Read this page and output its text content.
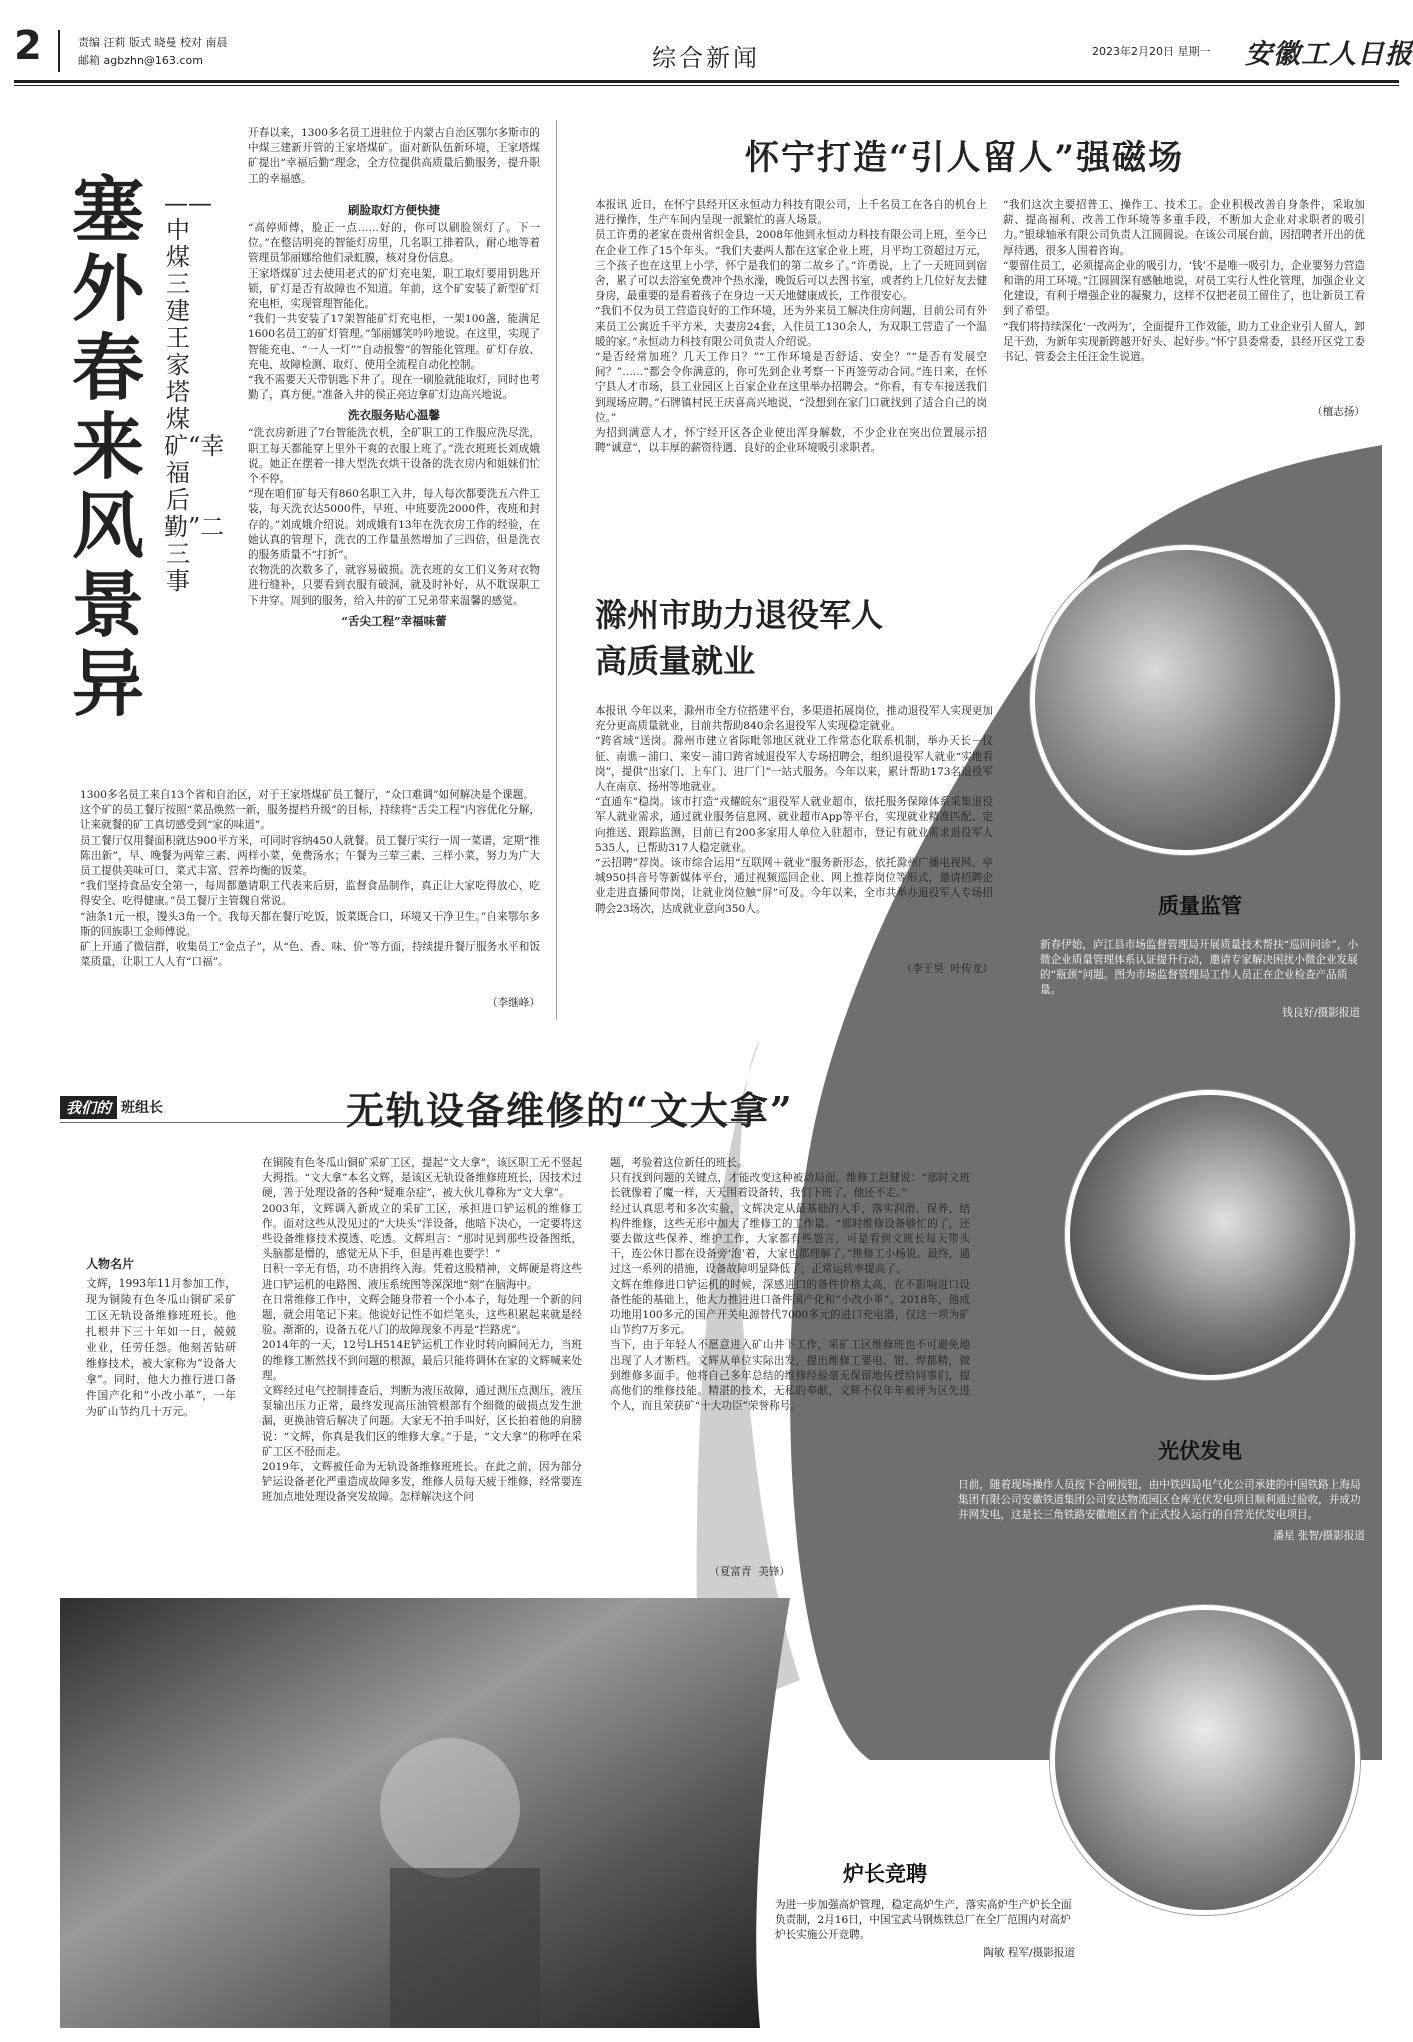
2	责编 汪莉 版式 晓曼 校对 南晨
邮箱 agbzhn@163.com	综合新闻	2023年2月20日 星期一 安徽工人日报
塞外春来风景异
——中煤三建王家塔煤矿“幸福后勤”二三事
开春以来，1300多名员工进驻位于内蒙古自治区鄂尔多斯市的中煤三建新开管的王家塔煤矿。面对新队伍新环境，王家塔煤矿提出“幸福后勤”理念，全方位提供高质量后勤服务，提升职工的幸福感。
刷脸取灯方便快捷
“高停师傅，脸正一点……好的，你可以刷脸领灯了。下一位。”在整洁明亮的智能灯房里，几名职工排着队，耐心地等着管理员邹丽娜给他们录虹膜，核对身份信息。
王家塔煤矿过去使用老式的矿灯充电架，职工取灯要用钥匙开锁，矿灯是否有故障也不知道。年前，这个矿安装了新型矿灯充电柜，实现管理智能化。
“我们一共安装了17架智能矿灯充电柜，一架100盏，能满足1600名员工的矿灯管理。”邹丽娜笑吟吟地说。在这里，实现了智能充电、“一人一灯”“自动报警”的智能化管理。矿灯存放、充电、故障检测、取灯、使用全流程自动化控制。
“我不需要天天带钥匙下井了。现在一刷脸就能取灯，同时也考勤了，真方便。”准备入井的侯正亮边拿矿灯边高兴地说。
洗衣服务贴心温馨
“洗衣房新进了7台智能洗衣机，全矿职工的工作服应洗尽洗，职工每天都能穿上里外干爽的衣服上班了。”洗衣班班长刘成娥说。她正在摆着一排大型洗衣烘干设备的洗衣房内和姐妹们忙个不停。
“现在咱们矿每天有860名职工入井，每人每次都要洗五六件工装，每天洗衣达5000件，早班、中班要洗2000件，夜班和封存的。”刘成娥介绍说。刘成娥有13年在洗衣房工作的经验，在她认真的管理下，洗衣的工作量虽然增加了三四倍，但是洗衣的服务质量不“打折”。
衣物洗的次数多了，就容易破损。洗衣班的女工们义务对衣物进行缝补，只要看到衣服有破洞，就及时补好，从不耽误职工下井穿。周到的服务，给入井的矿工兄弟带来温馨的感觉。
“舌尖工程”幸福味蕾
1300多名员工来自13个省和自治区，对于王家塔煤矿员工餐厅，“众口难调”如何解决是个课题。
这个矿的员工餐厅按照“菜品焕然一新，服务提档升级”的目标，持续将“舌尖工程”内容优化分解，让来就餐的矿工真切感受到“家的味道”。
员工餐厅仅用餐面积就达900平方米，可同时容纳450人就餐。员工餐厅实行一周一菜谱，定期“推陈出新”，早、晚餐为两荤三素、两样小菜，免费汤水；午餐为三荤三素、三样小菜，努力为广大员工提供美味可口、菜式丰富、营养均衡的饭菜。
“我们坚持食品安全第一，每周都邀请职工代表来后厨，监督食品制作，真正让大家吃得放心、吃得安全、吃得健康。”员工餐厅主管魏自常说。
“油条1元一根，馒头3角一个。我每天都在餐厅吃饭，饭菜既合口，环境又干净卫生。”自来鄂尔多斯的回族职工金师傅说。
矿上开通了微信群，收集员工“金点子”，从“色、香、味、价”等方面，持续提升餐厅服务水平和饭菜质量，让职工人人有“口福”。
（李继峰）
怀宁打造“引人留人”强磁场
本报讯 近日，在怀宁县经开区永恒动力科技有限公司，上千名员工在各自的机台上进行操作，生产车间内呈现一派繁忙的喜人场景。
员工许勇的老家在贵州省织金县，2008年他到永恒动力科技有限公司上班，至今已在企业工作了15个年头。“我们夫妻两人都在这家企业上班，月平均工资超过万元，三个孩子也在这里上小学，怀宁是我们的第二故乡了。”许勇说，上了一天班回到宿舍，累了可以去浴室免费冲个热水澡，晚饭后可以去图书室，或者约上几位好友去健身房，最重要的是看着孩子在身边一天天地健康成长，工作很安心。
“我们不仅为员工营造良好的工作环境，还为外来员工解决住房问题，目前公司有外来员工公寓近千平方米，夫妻房24套，入住员工130余人，为双职工营造了一个温暖的家。”永恒动力科技有限公司负责人介绍说。
“是否经常加班？几天工作日？”“工作环境是否舒适、安全？”“是否有发展空间？”……“都会令你满意的，你可先到企业考察一下再签劳动合同。”连日来，在怀宁县人才市场，县工业园区上百家企业在这里举办招聘会。“你看，有专车接送我们到现场应聘。”石牌镇村民王庆喜高兴地说，“没想到在家门口就找到了适合自己的岗位。”
为招到满意人才，怀宁经开区各企业使出浑身解数，不少企业在突出位置展示招聘“诚意”，以丰厚的薪资待遇、良好的企业环境吸引求职者。
“我们这次主要招普工、操作工、技术工。企业积极改善自身条件，采取加薪、提高福利、改善工作环境等多重手段，不断加大企业对求职者的吸引力。”银球轴承有限公司负责人江圆圆说。在该公司展台前，因招聘者开出的优厚待遇，很多人围着咨询。
“要留住员工，必须提高企业的吸引力，‘钱’不是唯一吸引力，企业要努力营造和谐的用工环境。”江圆圆深有感触地说，对员工实行人性化管理，加强企业文化建设，有利于增强企业的凝聚力，这样不仅把老员工留住了，也让新员工看到了希望。
“我们将持续深化‘一改两为’，全面提升工作效能，助力工业企业引人留人，卸足干劲，为新年实现新跨越开好头、起好步。”怀宁县委常委，县经开区党工委书记、管委会主任汪金生说道。
（檀志扬）
滁州市助力退役军人
高质量就业
本报讯 今年以来，滁州市全方位搭建平台，多渠道拓展岗位，推动退役军人实现更加充分更高质量就业，目前共帮助840余名退役军人实现稳定就业。
“跨省域”送岗。滁州市建立省际毗邻地区就业工作常态化联系机制，举办天长－仪征、南谯－浦口、来安－浦口跨省域退役军人专场招聘会，组织退役军人就业“实地看岗”，提供“出家门、上车门、进厂门”一站式服务。今年以来，累计帮助173名退役军人在南京、扬州等地就业。
“直通车”稳岗。该市打造“戎耀皖东”退役军人就业超市，依托服务保障体系采集退役军人就业需求，通过就业服务信息网、就业超市App等平台，实现就业精准匹配、定向推送、跟踪监测，目前已有200多家用人单位入驻超市，登记有就业需求退役军人535人，已帮助317人稳定就业。
“云招聘”荐岗。该市综合运用“互联网＋就业”服务新形态，依托滁州广播电视网、亭城950抖音号等新媒体平台，通过视频巡回企业、网上推荐岗位等形式，邀请招聘企业走进直播间带岗，让就业岗位触“屏”可及。今年以来，全市共举办退役军人专场招聘会23场次，达成就业意向350人。
（李王昊  叶传龙）
质量监管
新春伊始，庐江县市场监督管理局开展质量技术帮扶“巡回问诊”，小微企业质量管理体系认证提升行动，邀请专家解决困扰小微企业发展的“瓶颈”问题。图为市场监督管理局工作人员正在企业检查产品质量。
钱良好/摄影报道
我们的 班组长	无轨设备维修的“文大拿”
人物名片
文辉，1993年11月参加工作，现为铜陵有色冬瓜山铜矿采矿工区无轨设备维修班班长。他扎根井下三十年如一日，兢兢业业，任劳任怨。他刻苦钻研维修技术，被大家称为“设备大拿”。同时，他大力推行进口备件国产化和“小改小革”，一年为矿山节约几十万元。
在铜陵有色冬瓜山铜矿采矿工区，提起“文大拿”，该区职工无不竖起大拇指。“文大拿”本名文辉，是该区无轨设备维修班班长，因技术过硬，善于处理设备的各种“疑难杂症”，被大伙儿尊称为“文大拿”。
2003年，文辉调入新成立的采矿工区，承担进口铲运机的维修工作。面对这些从没见过的“大块头”洋设备，他暗下决心，一定要将这些设备维修技术摸透、吃透。文辉坦言：“那时见到那些设备图纸，头脑都是懵的，感觉无从下手，但是再难也要学！”
日积一辛无有悟，功不唐捐终入海。凭着这股精神，文辉硬是将这些进口铲运机的电路图、液压系统图等深深地“刻”在脑海中。
在日常维修工作中，文辉会随身带着一个小本子，每处理一个新的问题，就会用笔记下来。他说好记性不如烂笔头，这些积累起来就是经验。渐渐的，设备五花八门的故障现象不再是“拦路虎”。
2014年的一天，12号LH514E铲运机工作业时转向瞬间无力，当班的维修工断然找不到问题的根源，最后只能将调休在家的文辉喊来处理。
文辉经过电气控制排查后，判断为液压故障，通过测压点测压，液压泵输出压力正常，最终发现高压油管根部有个细微的破损点发生泄漏，更换油管后解决了问题。大家无不拍手叫好，区长拍着他的肩膀说：“文辉，你真是我们区的维修大拿。”于是，“文大拿”的称呼在采矿工区不胫而走。
2019年，文辉被任命为无轨设备维修班班长。在此之前，因为部分铲运设备老化严重造成故障多发，维修人员每天疲于维修，经常要连班加点地处理设备突发故障。怎样解决这个问
题，考验着这位新任的班长。
只有找到问题的关键点，才能改变这种被动局面。维修工赵健说：“那时文班长就像着了魔一样，天天围着设备转，我们下班了，他还不走。”
经过认真思考和多次实验，文辉决定从最基础的入手，落实润滑、保养、结构件维修，这些无形中加大了维修工的工作量。“那时维修设备够忙的了，还要去做这些保养、维护工作，大家都有些怨言，可是看到文班长每天带头干，连公休日都在设备旁‘泡’着，大家也都理解了。”维修工小杨说。最终，通过这一系列的措施，设备故障明显降低了，正常运转率提高了。
文辉在维修进口铲运机的时候，深感进口的备件价格太高，在不影响进口设备性能的基础上，他大力推进进口备件国产化和“小改小革”。2018年，他成功地用100多元的国产开关电源替代7000多元的进口充电器，仅这一项为矿山节约7万多元。
当下，由于年轻人不愿意进入矿山井下工作，采矿工区维修班也不可避免地出现了人才断档。文辉从单位实际出发，提出维修工要电、钳、焊都精，做到维修多面手。他将自己多年总结的维修经验毫无保留地传授给同事们，提高他们的维修技能。精湛的技术，无私的奉献，文辉不仅年年被评为区先进个人，而且荣获矿“十大功臣”荣誉称号。
（夏富青  美锋）
光伏发电
日前，随着现场操作人员按下合闸按钮，由中铁四局电气化公司承建的中国铁路上海局集团有限公司安徽铁道集团公司安达物流园区仓库光伏发电项目顺利通过验收，并成功并网发电，这是长三角铁路安徽地区首个正式投入运行的自营光伏发电项目。
潘星 张智/摄影报道
炉长竞聘
为进一步加强高炉管理，稳定高炉生产，落实高炉生产炉长全面负责制，2月16日，中国宝武马钢炼铁总厂在全厂范围内对高炉炉长实施公开竞聘。
陶敏 程军/摄影报道
